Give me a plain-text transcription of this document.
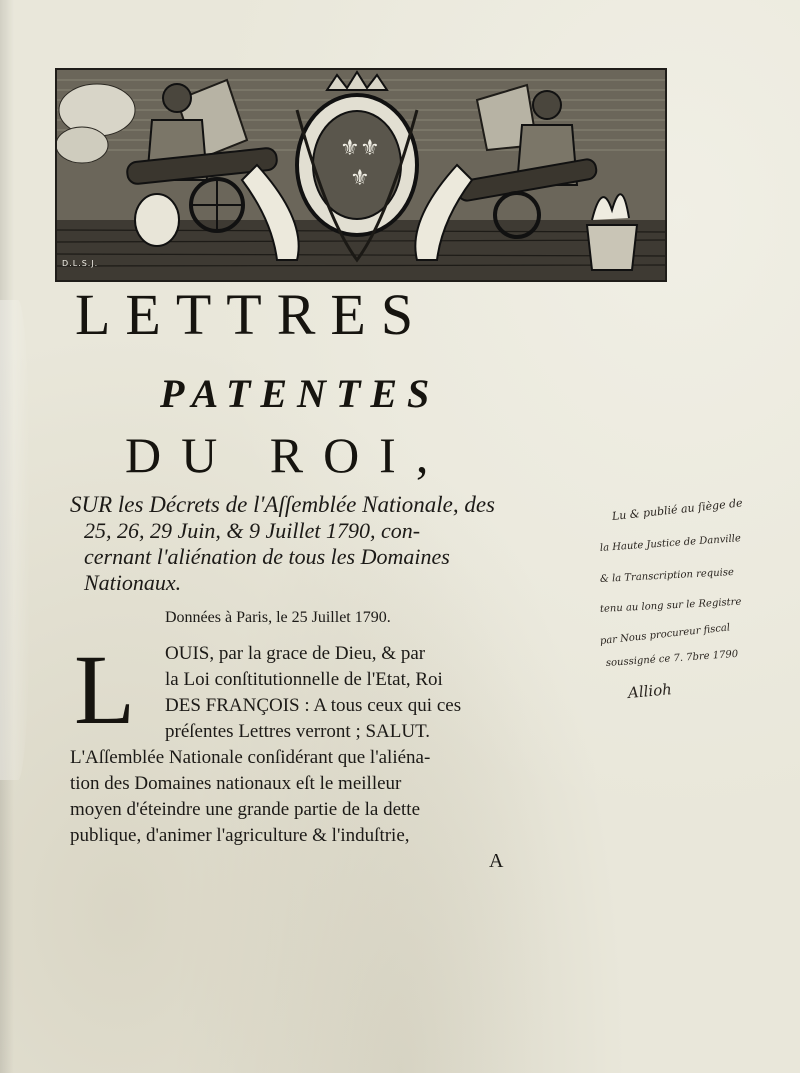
⚜ ⚜
⚜
D.L.S.J.
LETTRES
PATENTES
DU ROI,
SUR les Décrets de l'Aſſemblée Nationale, des
25, 26, 29 Juin, & 9 Juillet 1790, con-
cernant l'aliénation de tous les Domaines
Nationaux.
Données à Paris, le 25 Juillet 1790.
L	OUIS, par la grace de Dieu, & par
la Loi conſtitutionnelle de l'Etat, Roi
DES FRANÇOIS : A tous ceux qui ces
préſentes Lettres verront ; SALUT.
L'Aſſemblée Nationale conſidérant que l'aliéna-
tion des Domaines nationaux eſt le meilleur
moyen d'éteindre une grande partie de la dette
publique, d'animer l'agriculture & l'induſtrie,
A
Lu & publié au ſiège de
la Haute Justice de Danville
& la Transcription requise
tenu au long sur le Registre
par Nous procureur fiscal
soussigné ce 7. 7bre 1790
Allioh
